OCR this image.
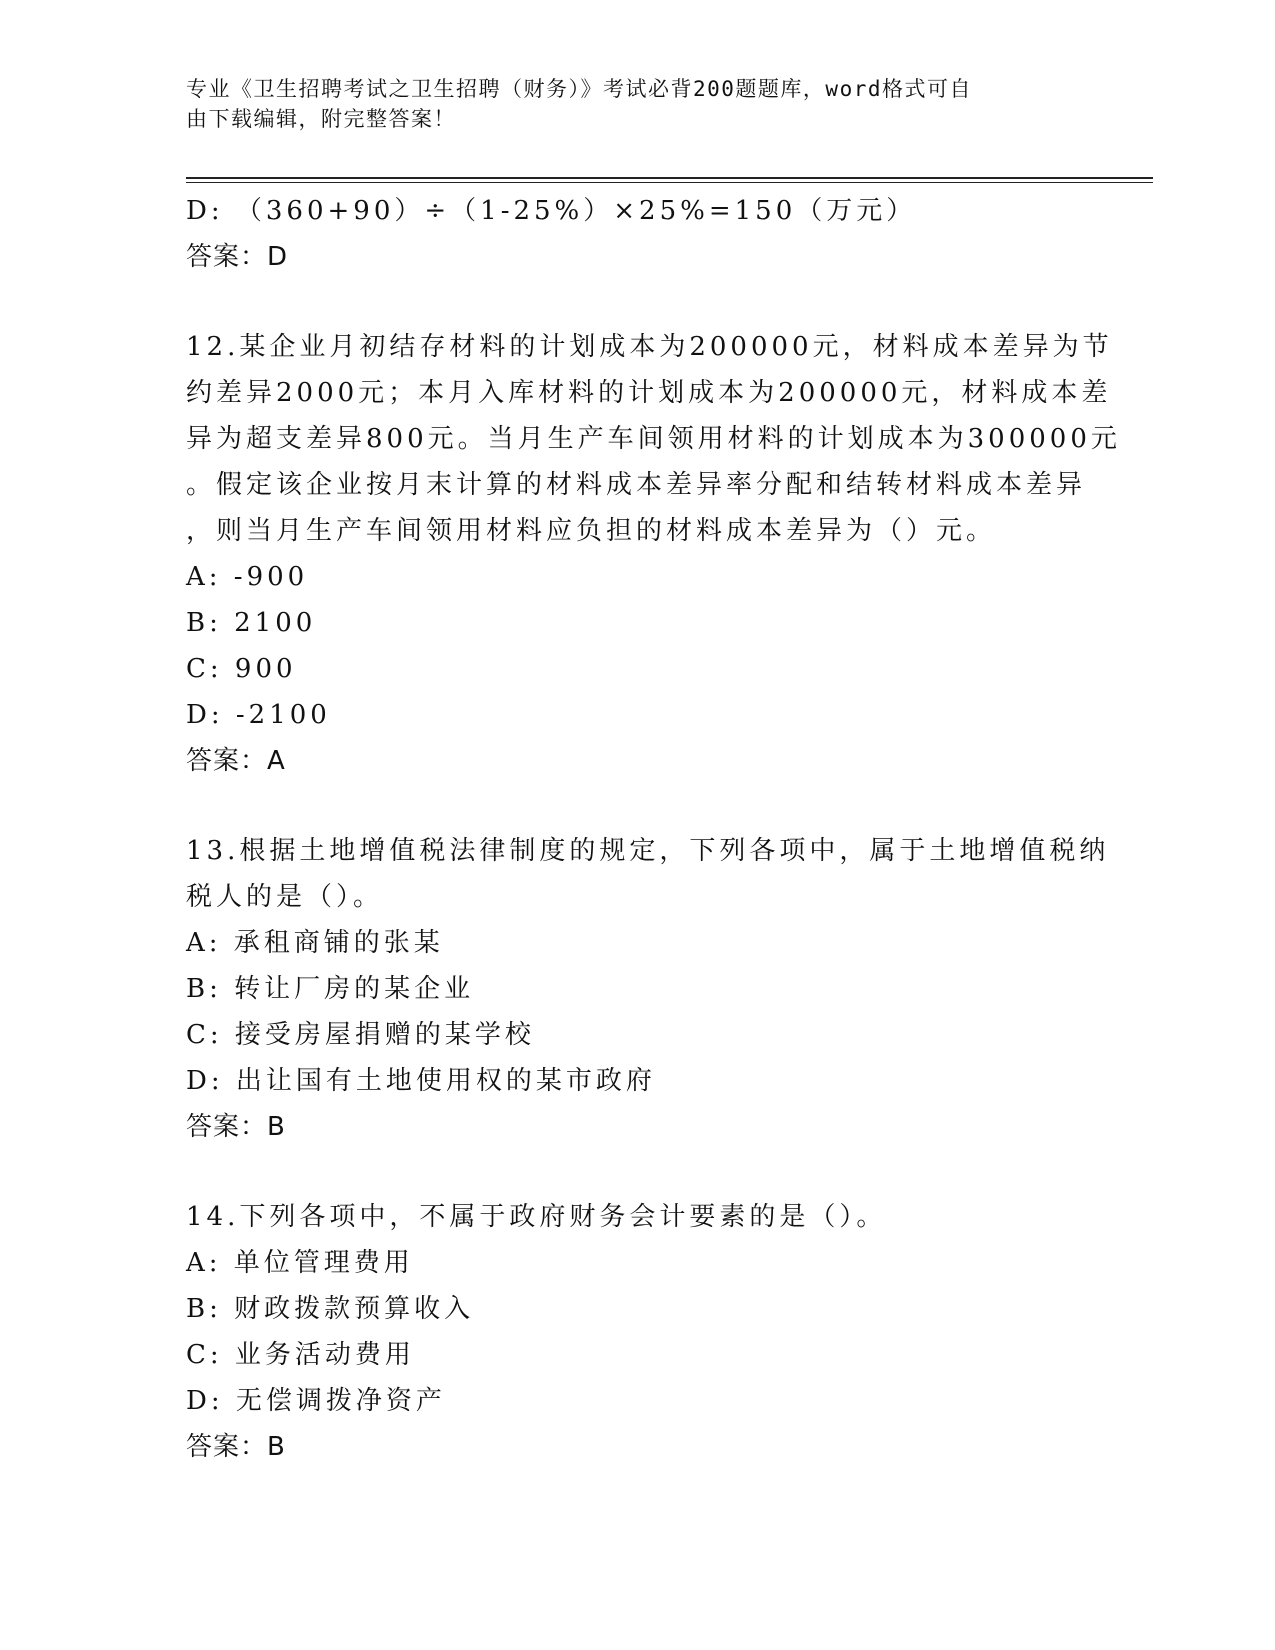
专业《卫生招聘考试之卫生招聘（财务）》考试必背200题题库，word格式可自
由下载编辑，附完整答案！
D: （360+90）÷（1-25%）×25%=150（万元）
答案：D
12.某企业月初结存材料的计划成本为200000元，材料成本差异为节
约差异2000元；本月入库材料的计划成本为200000元，材料成本差
异为超支差异800元。当月生产车间领用材料的计划成本为300000元
。假定该企业按月末计算的材料成本差异率分配和结转材料成本差异
，则当月生产车间领用材料应负担的材料成本差异为（）元。
A: -900
B: 2100
C: 900
D: -2100
答案：A
13.根据土地增值税法律制度的规定，下列各项中，属于土地增值税纳
税人的是（）。
A: 承租商铺的张某
B: 转让厂房的某企业
C: 接受房屋捐赠的某学校
D: 出让国有土地使用权的某市政府
答案：B
14.下列各项中，不属于政府财务会计要素的是（）。
A: 单位管理费用
B: 财政拨款预算收入
C: 业务活动费用
D: 无偿调拨净资产
答案：B
